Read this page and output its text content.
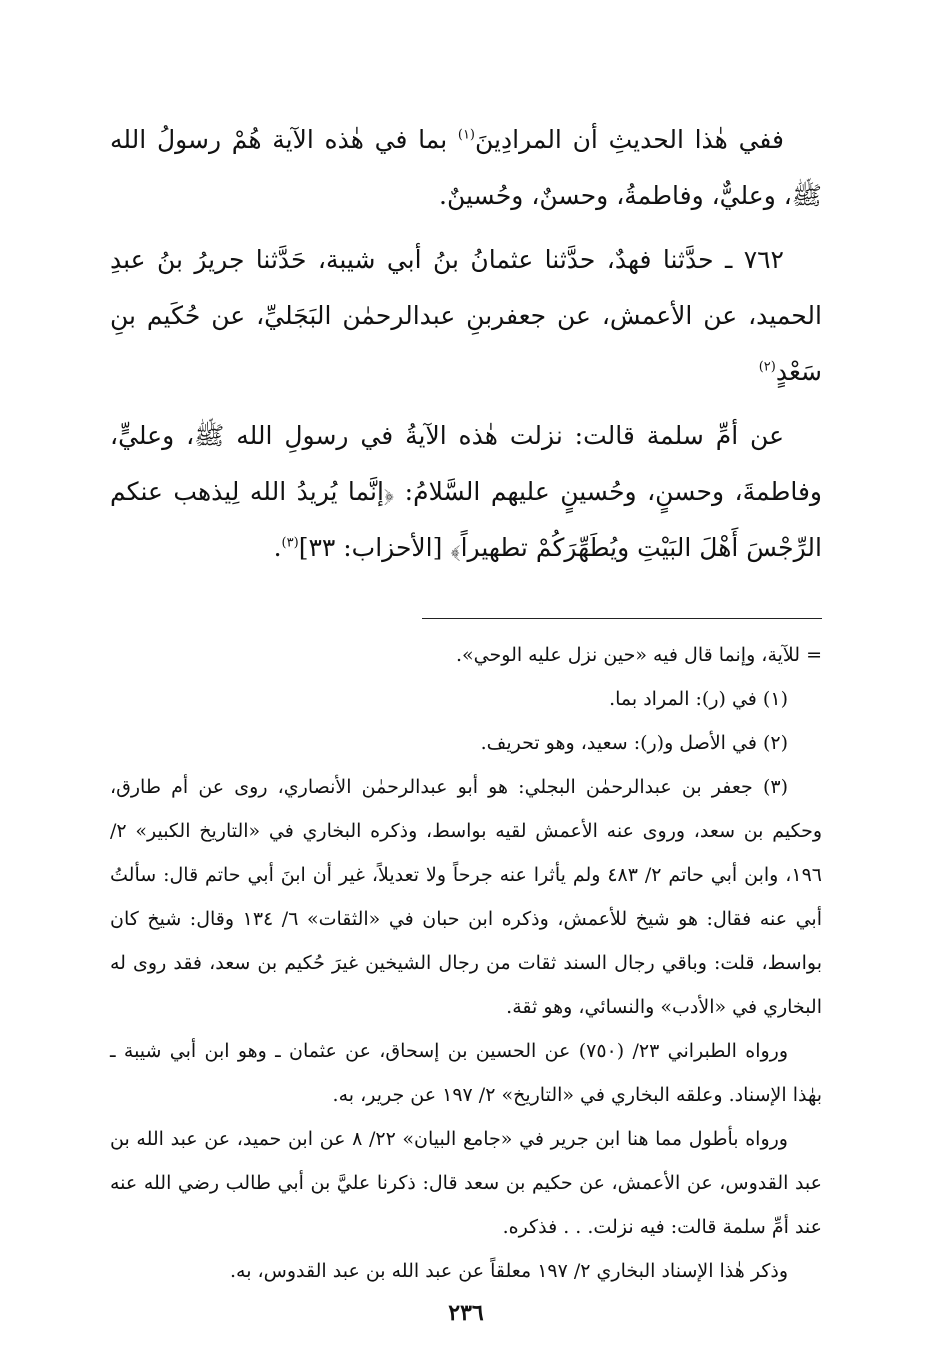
ففي هٰذا الحديثِ أن المرادِينَ$^{(١)}$ بما في هٰذه الآية هُمْ رسولُ الله ﷺ، وعليٌّ، وفاطمةُ، وحسنٌ، وحُسينٌ.

٧٦٢ ـ حدَّثنا فهدٌ، حدَّثنا عثمانُ بنُ أبي شيبة، حَدَّثنا جريرُ بنُ عبدِ الحميد، عن الأعمش، عن جعفربنِ عبدالرحمٰن البَجَليِّ، عن حُكَيم بنِ سَعْدٍ$^{(٢)}$

عن أمِّ سلمة قالت: نزلت هٰذه الآيةُ في رسولِ الله ﷺ، وعليٍّ، وفاطمةَ، وحسنٍ، وحُسينٍ عليهم السَّلامُ: ﴿إنَّما يُريدُ الله لِيذهب عنكم الرِّجْسَ أَهْلَ البَيْتِ ويُطَهِّرَكُمْ تطهيراً﴾ [الأحزاب: ٣٣]$^{(٣)}$.

= للآية، وإنما قال فيه «حين نزل عليه الوحي».

(١) في (ر): المراد بما.

(٢) في الأصل و(ر): سعيد، وهو تحريف.

(٣) جعفر بن عبدالرحمٰن البجلي: هو أبو عبدالرحمٰن الأنصاري، روى عن أم طارق، وحكيم بن سعد، وروى عنه الأعمش لقيه بواسط، وذكره البخاري في «التاريخ الكبير» ٢/ ١٩٦، وابن أبي حاتم ٢/ ٤٨٣ ولم يأثرا عنه جرحاً ولا تعديلاً، غير أن ابنَ أبي حاتم قال: سألتُ أبي عنه فقال: هو شيخ للأعمش، وذكره ابن حبان في «الثقات» ٦/ ١٣٤ وقال: شيخ كان بواسط، قلت: وباقي رجال السند ثقات من رجال الشيخين غيرَ حُكيم بن سعد، فقد روى له البخاري في «الأدب» والنسائي، وهو ثقة.

ورواه الطبراني ٢٣/ (٧٥٠) عن الحسين بن إسحاق، عن عثمان ـ وهو ابن أبي شيبة ـ بهٰذا الإسناد. وعلقه البخاري في «التاريخ» ٢/ ١٩٧ عن جرير، به.

ورواه بأطول مما هنا ابن جرير في «جامع البيان» ٢٢/ ٨ عن ابن حميد، عن عبد الله بن عبد القدوس، عن الأعمش، عن حكيم بن سعد قال: ذكرنا عليَّ بن أبي طالب رضي الله عنه عند أمِّ سلمة قالت: فيه نزلت. . . فذكره.

وذكر هٰذا الإسناد البخاري ٢/ ١٩٧ معلقاً عن عبد الله بن عبد القدوس، به.

٢٣٦
